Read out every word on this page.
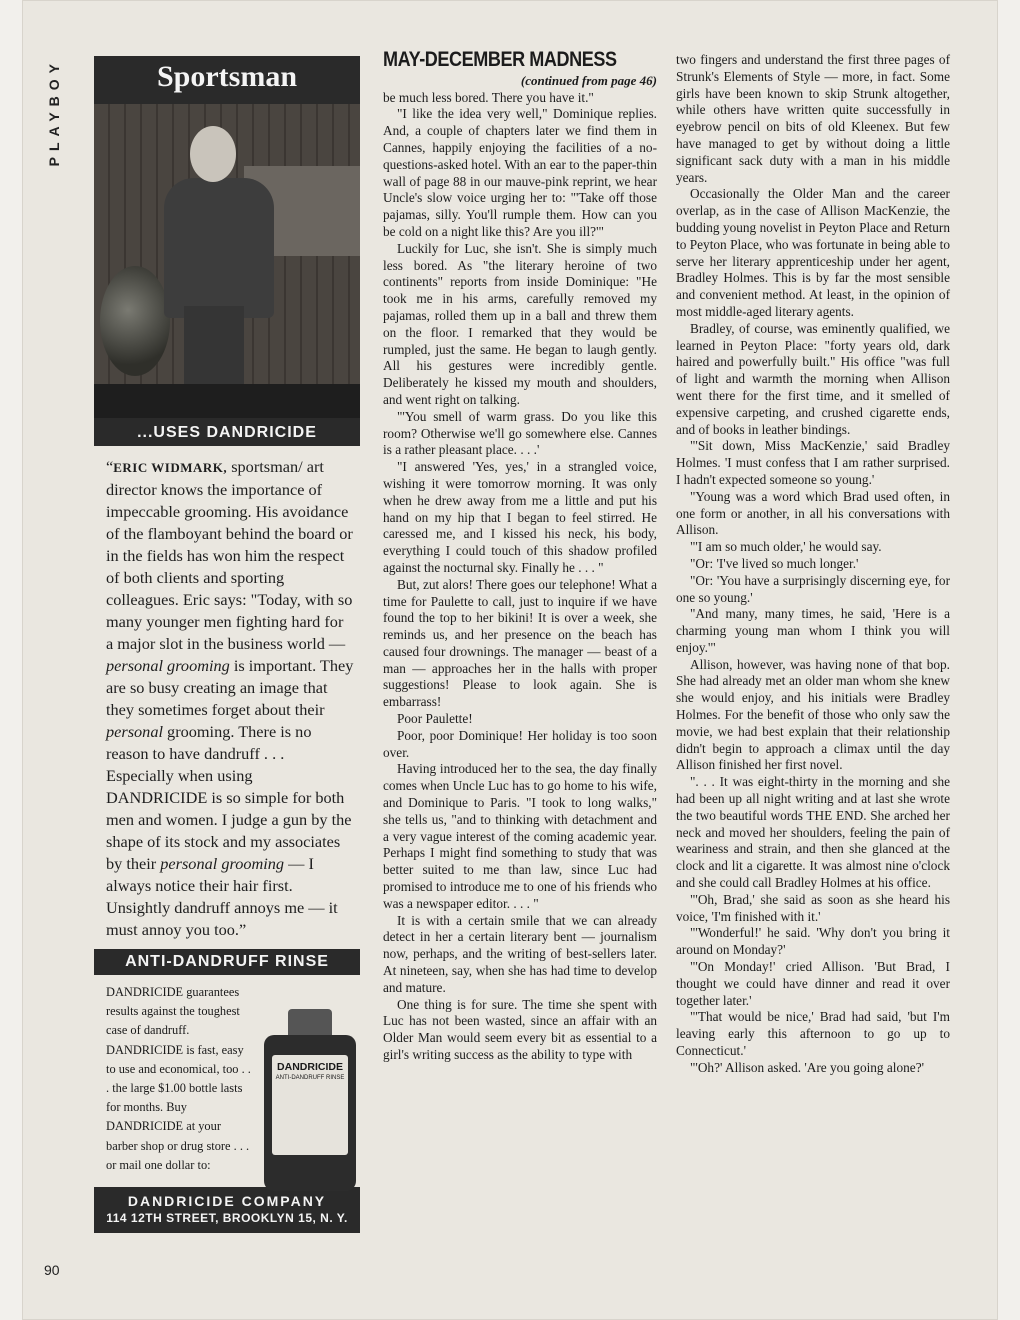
PLAYBOY	Sportsman
...USES DANDRICIDE
“ERIC WIDMARK, sportsman/ art director knows the importance of impeccable grooming. His avoidance of the flamboyant behind the board or in the fields has won him the respect of both clients and sporting colleagues. Eric says: "Today, with so many younger men fighting hard for a major slot in the business world — personal grooming is important. They are so busy creating an image that they sometimes forget about their personal grooming. There is no reason to have dandruff . . . Especially when using DANDRICIDE is so simple for both men and women. I judge a gun by the shape of its stock and my associates by their personal grooming — I always notice their hair first. Unsightly dandruff annoys me — it must annoy you too.”
ANTI-DANDRUFF RINSE
DANDRICIDE guarantees results against the toughest case of dandruff. DANDRICIDE is fast, easy to use and economical, too . . . the large $1.00 bottle lasts for months. Buy DANDRICIDE at your barber shop or drug store . . . or mail one dollar to:
DANDRICIDE
ANTI-DANDRUFF RINSE
DANDRICIDE COMPANY
114 12TH STREET, BROOKLYN 15, N. Y.
MAY-DECEMBER MADNESS
(continued from page 46)

be much less bored. There you have it."

"I like the idea very well," Dominique replies. And, a couple of chapters later we find them in Cannes, happily enjoying the facilities of a no-questions-asked hotel. With an ear to the paper-thin wall of page 88 in our mauve-pink reprint, we hear Uncle's slow voice urging her to: "'Take off those pajamas, silly. You'll rumple them. How can you be cold on a night like this? Are you ill?'"

Luckily for Luc, she isn't. She is simply much less bored. As "the literary heroine of two continents" reports from inside Dominique: "He took me in his arms, carefully removed my pajamas, rolled them up in a ball and threw them on the floor. I remarked that they would be rumpled, just the same. He began to laugh gently. All his gestures were incredibly gentle. Deliberately he kissed my mouth and shoulders, and went right on talking.

"'You smell of warm grass. Do you like this room? Otherwise we'll go somewhere else. Cannes is a rather pleasant place. . . .'

"I answered 'Yes, yes,' in a strangled voice, wishing it were tomorrow morning. It was only when he drew away from me a little and put his hand on my hip that I began to feel stirred. He caressed me, and I kissed his neck, his body, everything I could touch of this shadow profiled against the nocturnal sky. Finally he . . . "

But, zut alors! There goes our telephone! What a time for Paulette to call, just to inquire if we have found the top to her bikini! It is over a week, she reminds us, and her presence on the beach has caused four drownings. The manager — beast of a man — approaches her in the halls with proper suggestions! Please to look again. She is embarrass!

Poor Paulette!

Poor, poor Dominique! Her holiday is too soon over.

Having introduced her to the sea, the day finally comes when Uncle Luc has to go home to his wife, and Dominique to Paris. "I took to long walks," she tells us, "and to thinking with detachment and a very vague interest of the coming academic year. Perhaps I might find something to study that was better suited to me than law, since Luc had promised to introduce me to one of his friends who was a newspaper editor. . . . "

It is with a certain smile that we can already detect in her a certain literary bent — journalism now, perhaps, and the writing of best-sellers later. At nineteen, say, when she has had time to develop and mature.

One thing is for sure. The time she spent with Luc has not been wasted, since an affair with an Older Man would seem every bit as essential to a girl's writing success as the ability to type with

two fingers and understand the first three pages of Strunk's Elements of Style — more, in fact. Some girls have been known to skip Strunk altogether, while others have written quite successfully in eyebrow pencil on bits of old Kleenex. But few have managed to get by without doing a little significant sack duty with a man in his middle years.

Occasionally the Older Man and the career overlap, as in the case of Allison MacKenzie, the budding young novelist in Peyton Place and Return to Peyton Place, who was fortunate in being able to serve her literary apprenticeship under her agent, Bradley Holmes. This is by far the most sensible and convenient method. At least, in the opinion of most middle-aged literary agents.

Bradley, of course, was eminently qualified, we learned in Peyton Place: "forty years old, dark haired and powerfully built." His office "was full of light and warmth the morning when Allison went there for the first time, and it smelled of expensive carpeting, and crushed cigarette ends, and of books in leather bindings.

"'Sit down, Miss MacKenzie,' said Bradley Holmes. 'I must confess that I am rather surprised. I hadn't expected someone so young.'

"Young was a word which Brad used often, in one form or another, in all his conversations with Allison.

"'I am so much older,' he would say.

"Or: 'I've lived so much longer.'

"Or: 'You have a surprisingly discerning eye, for one so young.'

"And many, many times, he said, 'Here is a charming young man whom I think you will enjoy.'"

Allison, however, was having none of that bop. She had already met an older man whom she knew she would enjoy, and his initials were Bradley Holmes. For the benefit of those who only saw the movie, we had best explain that their relationship didn't begin to approach a climax until the day Allison finished her first novel.

". . . It was eight-thirty in the morning and she had been up all night writing and at last she wrote the two beautiful words THE END. She arched her neck and moved her shoulders, feeling the pain of weariness and strain, and then she glanced at the clock and lit a cigarette. It was almost nine o'clock and she could call Bradley Holmes at his office.

"'Oh, Brad,' she said as soon as she heard his voice, 'I'm finished with it.'

"'Wonderful!' he said. 'Why don't you bring it around on Monday?'

"'On Monday!' cried Allison. 'But Brad, I thought we could have dinner and read it over together later.'

"'That would be nice,' Brad had said, 'but I'm leaving early this afternoon to go up to Connecticut.'

"'Oh?' Allison asked. 'Are you going alone?'

90
